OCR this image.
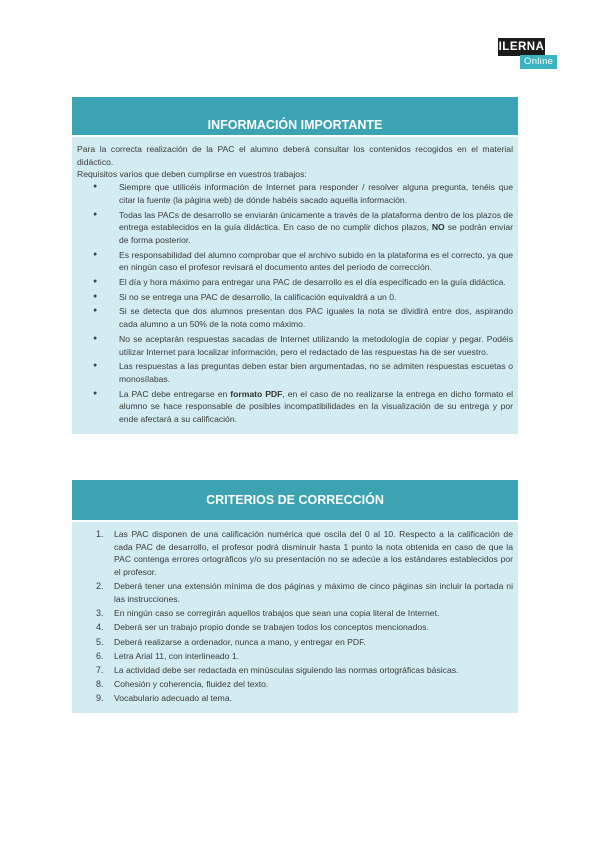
ILERNA
Online
INFORMACIÓN IMPORTANTE

Para la correcta realización de la PAC el alumno deberá consultar los contenidos recogidos en el material didáctico.

Requisitos varios que deben cumplirse en vuestros trabajos:

● Siempre que utilicéis información de Internet para responder / resolver alguna pregunta, tenéis que citar la fuente (la página web) de dónde habéis sacado aquella información.
● Todas las PACs de desarrollo se enviarán únicamente a través de la plataforma dentro de los plazos de entrega establecidos en la guía didáctica. En caso de no cumplir dichos plazos, NO se podrán enviar de forma posterior.
● Es responsabilidad del alumno comprobar que el archivo subido en la plataforma es el correcto, ya que en ningún caso el profesor revisará el documento antes del periodo de corrección.
● El día y hora máximo para entregar una PAC de desarrollo es el día especificado en la guía didáctica.
● Si no se entrega una PAC de desarrollo, la calificación equivaldrá a un 0.
● Si se detecta que dos alumnos presentan dos PAC iguales la nota se dividirá entre dos, aspirando cada alumno a un 50% de la nota como máximo.
● No se aceptarán respuestas sacadas de Internet utilizando la metodología de copiar y pegar. Podéis utilizar Internet para localizar información, pero el redactado de las respuestas ha de ser vuestro.
● Las respuestas a las preguntas deben estar bien argumentadas, no se admiten respuestas escuetas o monosílabas.
● La PAC debe entregarse en formato PDF, en el caso de no realizarse la entrega en dicho formato el alumno se hace responsable de posibles incompatibilidades en la visualización de su entrega y por ende afectará a su calificación.
CRITERIOS DE CORRECCIÓN
1. Las PAC disponen de una calificación numérica que oscila del 0 al 10. Respecto a la calificación de cada PAC de desarrollo, el profesor podrá disminuir hasta 1 punto la nota obtenida en caso de que la PAC contenga errores ortográficos y/o su presentación no se adecúe a los estándares establecidos por el profesor.
2. Deberá tener una extensión mínima de dos páginas y máximo de cinco páginas sin incluir la portada ni las instrucciones.
3. En ningún caso se corregirán aquellos trabajos que sean una copia literal de Internet.
4. Deberá ser un trabajo propio donde se trabajen todos los conceptos mencionados.
5. Deberá realizarse a ordenador, nunca a mano, y entregar en PDF.
6. Letra Arial 11, con interlineado 1.
7. La actividad debe ser redactada en minúsculas siguiendo las normas ortográficas básicas.
8. Cohesión y coherencia, fluidez del texto.
9. Vocabulario adecuado al tema.
